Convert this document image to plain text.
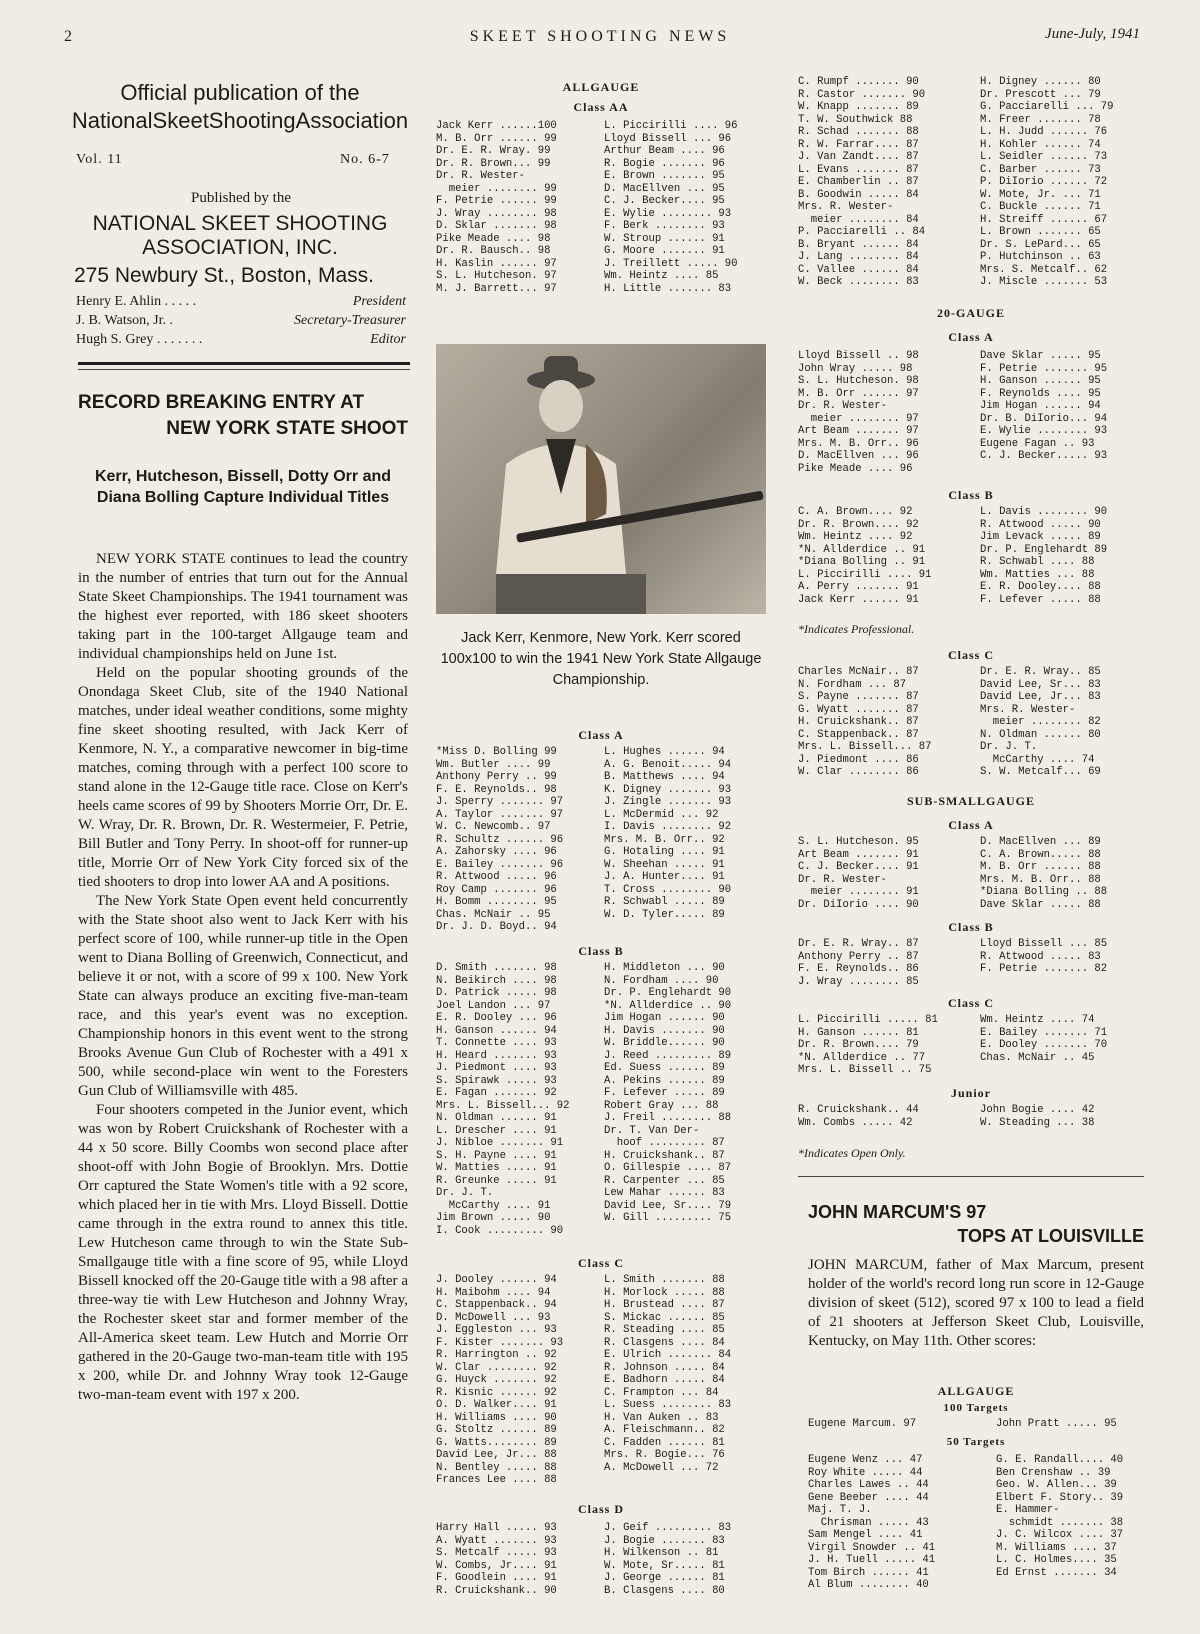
2	SKEET SHOOTING NEWS	June-July, 1941
Official publication of the
NationalSkeetShootingAssociation
Vol. 11	No. 6-7
Published by the
NATIONAL SKEET SHOOTING
ASSOCIATION, INC.
275 Newbury St., Boston, Mass.
Henry E. Ahlin . . . . .	President
J. B. Watson, Jr. .	Secretary-Treasurer
Hugh S. Grey . . . . . . .	Editor
RECORD BREAKING ENTRY AT
NEW YORK STATE SHOOT
Kerr, Hutcheson, Bissell, Dotty Orr and Diana Bolling Capture Individual Titles

NEW YORK STATE continues to lead the country in the number of entries that turn out for the Annual State Skeet Championships. The 1941 tournament was the highest ever reported, with 186 skeet shooters taking part in the 100-target Allgauge team and individual championships held on June 1st.

Held on the popular shooting grounds of the Onondaga Skeet Club, site of the 1940 National matches, under ideal weather conditions, some mighty fine skeet shooting resulted, with Jack Kerr of Kenmore, N. Y., a comparative newcomer in big-time matches, coming through with a perfect 100 score to stand alone in the 12-Gauge title race. Close on Kerr's heels came scores of 99 by Shooters Morrie Orr, Dr. E. W. Wray, Dr. R. Brown, Dr. R. Westermeier, F. Petrie, Bill Butler and Tony Perry. In shoot-off for runner-up title, Morrie Orr of New York City forced six of the tied shooters to drop into lower AA and A positions.

The New York State Open event held concurrently with the State shoot also went to Jack Kerr with his perfect score of 100, while runner-up title in the Open went to Diana Bolling of Greenwich, Connecticut, and believe it or not, with a score of 99 x 100. New York State can always produce an exciting five-man-team race, and this year's event was no exception. Championship honors in this event went to the strong Brooks Avenue Gun Club of Rochester with a 491 x 500, while second-place win went to the Foresters Gun Club of Williamsville with 485.

Four shooters competed in the Junior event, which was won by Robert Cruickshank of Rochester with a 44 x 50 score. Billy Coombs won second place after shoot-off with John Bogie of Brooklyn. Mrs. Dottie Orr captured the State Women's title with a 92 score, which placed her in tie with Mrs. Lloyd Bissell. Dottie came through in the extra round to annex this title. Lew Hutcheson came through to win the State Sub-Smallgauge title with a fine score of 95, while Lloyd Bissell knocked off the 20-Gauge title with a 98 after a three-way tie with Lew Hutcheson and Johnny Wray, the Rochester skeet star and former member of the All-America skeet team. Lew Hutch and Morrie Orr gathered in the 20-Gauge two-man-team title with 195 x 200, while Dr. and Johnny Wray took 12-Gauge two-man-team event with 197 x 200.

ALLGAUGE
Class AA
Jack Kerr ......100
M. B. Orr ...... 99
Dr. E. R. Wray. 99
Dr. R. Brown... 99
Dr. R. Wester-
meier ........ 99
F. Petrie ...... 99
J. Wray ........ 98
D. Sklar ....... 98
Pike Meade .... 98
Dr. R. Bausch.. 98
H. Kaslin ...... 97
S. L. Hutcheson. 97
M. J. Barrett... 97
L. Piccirilli .... 96
Lloyd Bissell ... 96
Arthur Beam .... 96
R. Bogie ....... 96
E. Brown ....... 95
D. MacEllven ... 95
C. J. Becker.... 95
E. Wylie ........ 93
F. Berk ........ 93
W. Stroup ...... 91
G. Moore ....... 91
J. Treillett ..... 90
Wm. Heintz .... 85
H. Little ....... 83
Jack Kerr, Kenmore, New York. Kerr scored 100x100 to win the 1941 New York State Allgauge Championship.
Class A
*Miss D. Bolling 99
Wm. Butler .... 99
Anthony Perry .. 99
F. E. Reynolds.. 98
J. Sperry ....... 97
A. Taylor ....... 97
W. C. Newcomb.. 97
R. Schultz ...... 96
A. Zahorsky .... 96
E. Bailey ....... 96
R. Attwood ..... 96
Roy Camp ....... 96
H. Bomm ........ 95
Chas. McNair .. 95
Dr. J. D. Boyd.. 94
L. Hughes ...... 94
A. G. Benoit..... 94
B. Matthews .... 94
K. Digney ....... 93
J. Zingle ....... 93
L. McDermid ... 92
I. Davis ........ 92
Mrs. M. B. Orr.. 92
G. Hotaling .... 91
W. Sheehan ..... 91
J. A. Hunter.... 91
T. Cross ........ 90
R. Schwabl ..... 89
W. D. Tyler..... 89
Class B
D. Smith ....... 98
N. Beikirch .... 98
D. Patrick ..... 98
Joel Landon ... 97
E. R. Dooley ... 96
H. Ganson ...... 94
T. Connette .... 93
H. Heard ....... 93
J. Piedmont .... 93
S. Spirawk ..... 93
E. Fagan ....... 92
Mrs. L. Bissell... 92
N. Oldman ...... 91
L. Drescher .... 91
J. Nibloe ....... 91
S. H. Payne .... 91
W. Matties ..... 91
R. Greunke ..... 91
Dr. J. T.
McCarthy .... 91
Jim Brown ..... 90
I. Cook ......... 90
H. Middleton ... 90
N. Fordham .... 90
Dr. P. Englehardt 90
*N. Allderdice .. 90
Jim Hogan ...... 90
H. Davis ....... 90
W. Briddle...... 90
J. Reed ......... 89
Ed. Suess ...... 89
A. Pekins ...... 89
F. Lefever ..... 89
Robert Gray ... 88
J. Freil ........ 88
Dr. T. Van Der-
hoof ......... 87
H. Cruickshank.. 87
O. Gillespie .... 87
R. Carpenter ... 85
Lew Mahar ...... 83
David Lee, Sr.... 79
W. Gill ......... 75
Class C
J. Dooley ...... 94
H. Maibohm .... 94
C. Stappenback.. 94
D. McDowell ... 93
J. Eggleston ... 93
F. Kister ....... 93
R. Harrington .. 92
W. Clar ........ 92
G. Huyck ....... 92
R. Kisnic ...... 92
O. D. Walker.... 91
H. Williams .... 90
G. Stoltz ...... 89
G. Watts........ 89
David Lee, Jr... 88
N. Bentley ..... 88
Frances Lee .... 88
L. Smith ....... 88
H. Morlock ..... 88
H. Brustead .... 87
S. Mickac ...... 85
R. Steading .... 85
R. Clasgens .... 84
E. Ulrich ....... 84
R. Johnson ..... 84
E. Badhorn ..... 84
C. Frampton ... 84
L. Suess ........ 83
H. Van Auken .. 83
A. Fleischmann.. 82
C. Fadden ...... 81
Mrs. R. Bogie... 76
A. McDowell ... 72
Class D
Harry Hall ..... 93
A. Wyatt ....... 93
S. Metcalf ..... 93
W. Combs, Jr.... 91
F. Goodlein .... 91
R. Cruickshank.. 90
J. Geif ......... 83
J. Bogie ....... 83
H. Wilkenson .. 81
W. Mote, Sr..... 81
J. George ...... 81
B. Clasgens .... 80
C. Rumpf ....... 90
R. Castor ....... 90
W. Knapp ....... 89
T. W. Southwick 88
R. Schad ....... 88
R. W. Farrar.... 87
J. Van Zandt.... 87
L. Evans ....... 87
E. Chamberlin .. 87
B. Goodwin ..... 84
Mrs. R. Wester-
meier ........ 84
P. Pacciarelli .. 84
B. Bryant ...... 84
J. Lang ........ 84
C. Vallee ...... 84
W. Beck ........ 83
H. Digney ...... 80
Dr. Prescott ... 79
G. Pacciarelli ... 79
M. Freer ....... 78
L. H. Judd ...... 76
H. Kohler ...... 74
L. Seidler ...... 73
C. Barber ...... 73
P. DiIorio ...... 72
W. Mote, Jr. ... 71
C. Buckle ...... 71
H. Streiff ...... 67
L. Brown ....... 65
Dr. S. LePard... 65
P. Hutchinson .. 63
Mrs. S. Metcalf.. 62
J. Miscle ....... 53
20-GAUGE
Class A
Lloyd Bissell .. 98
John Wray ..... 98
S. L. Hutcheson. 98
M. B. Orr ...... 97
Dr. R. Wester-
meier ........ 97
Art Beam ....... 97
Mrs. M. B. Orr.. 96
D. MacEllven ... 96
Pike Meade .... 96
Dave Sklar ..... 95
F. Petrie ....... 95
H. Ganson ...... 95
F. Reynolds .... 95
Jim Hogan ...... 94
Dr. B. DiIorio... 94
E. Wylie ........ 93
Eugene Fagan .. 93
C. J. Becker..... 93
Class B
C. A. Brown.... 92
Dr. R. Brown.... 92
Wm. Heintz .... 92
*N. Allderdice .. 91
*Diana Bolling .. 91
L. Piccirilli .... 91
A. Perry ....... 91
Jack Kerr ...... 91
L. Davis ........ 90
R. Attwood ..... 90
Jim Levack ..... 89
Dr. P. Englehardt 89
R. Schwabl .... 88
Wm. Matties ... 88
E. R. Dooley.... 88
F. Lefever ..... 88
*Indicates Professional.
Class C
Charles McNair.. 87
N. Fordham ... 87
S. Payne ....... 87
G. Wyatt ....... 87
H. Cruickshank.. 87
C. Stappenback.. 87
Mrs. L. Bissell... 87
J. Piedmont .... 86
W. Clar ........ 86
Dr. E. R. Wray.. 85
David Lee, Sr... 83
David Lee, Jr... 83
Mrs. R. Wester-
meier ........ 82
N. Oldman ...... 80
Dr. J. T.
McCarthy .... 74
S. W. Metcalf... 69
SUB-SMALLGAUGE
Class A
S. L. Hutcheson. 95
Art Beam ....... 91
C. J. Becker.... 91
Dr. R. Wester-
meier ........ 91
Dr. DiIorio .... 90
D. MacEllven ... 89
C. A. Brown..... 88
M. B. Orr ...... 88
Mrs. M. B. Orr.. 88
*Diana Bolling .. 88
Dave Sklar ..... 88
Class B
Dr. E. R. Wray.. 87
Anthony Perry .. 87
F. E. Reynolds.. 86
J. Wray ........ 85
Lloyd Bissell ... 85
R. Attwood ..... 83
F. Petrie ....... 82
Class C
L. Piccirilli ..... 81
H. Ganson ...... 81
Dr. R. Brown.... 79
*N. Allderdice .. 77
Mrs. L. Bissell .. 75
Wm. Heintz .... 74
E. Bailey ....... 71
E. Dooley ....... 70
Chas. McNair .. 45
Junior
R. Cruickshank.. 44
Wm. Combs ..... 42
John Bogie .... 42
W. Steading ... 38
*Indicates Open Only.
JOHN MARCUM'S 97
TOPS AT LOUISVILLE
JOHN MARCUM, father of Max Marcum, present holder of the world's record long run score in 12-Gauge division of skeet (512), scored 97 x 100 to lead a field of 21 shooters at Jefferson Skeet Club, Louisville, Kentucky, on May 11th. Other scores:
ALLGAUGE
100 Targets
Eugene Marcum. 97	John Pratt ..... 95
50 Targets
Eugene Wenz ... 47
Roy White ..... 44
Charles Lawes .. 44
Gene Beeber .... 44
Maj. T. J.
Chrisman ..... 43
Sam Mengel .... 41
Virgil Snowder .. 41
J. H. Tuell ..... 41
Tom Birch ...... 41
Al Blum ........ 40
G. E. Randall.... 40
Ben Crenshaw .. 39
Geo. W. Allen... 39
Elbert F. Story.. 39
E. Hammer-
schmidt ....... 38
J. C. Wilcox .... 37
M. Williams .... 37
L. C. Holmes.... 35
Ed Ernst ....... 34
